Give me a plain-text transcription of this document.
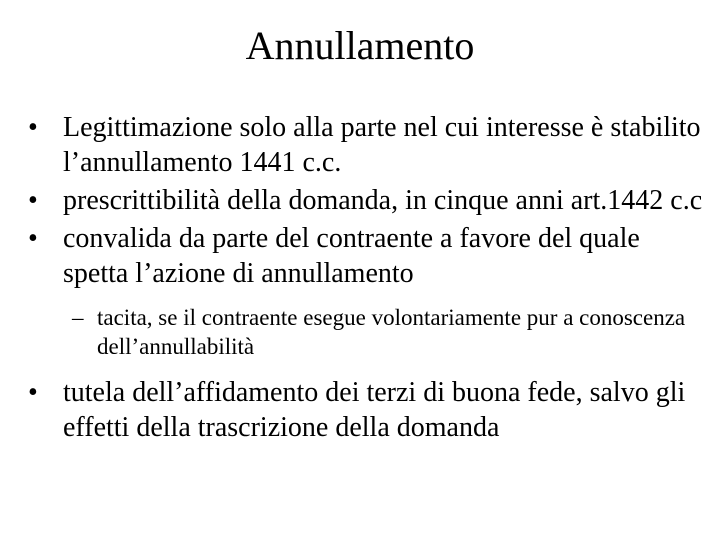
Annullamento
• Legittimazione solo alla parte nel cui interesse è stabilito l’annullamento 1441 c.c.
• prescrittibilità della domanda, in cinque anni art.1442 c.c
• convalida da parte del contraente a favore del quale spetta l’azione di annullamento
– tacita, se il contraente esegue volontariamente pur a conoscenza dell’annullabilità
• tutela dell’affidamento dei terzi di buona fede, salvo gli effetti della trascrizione della domanda
